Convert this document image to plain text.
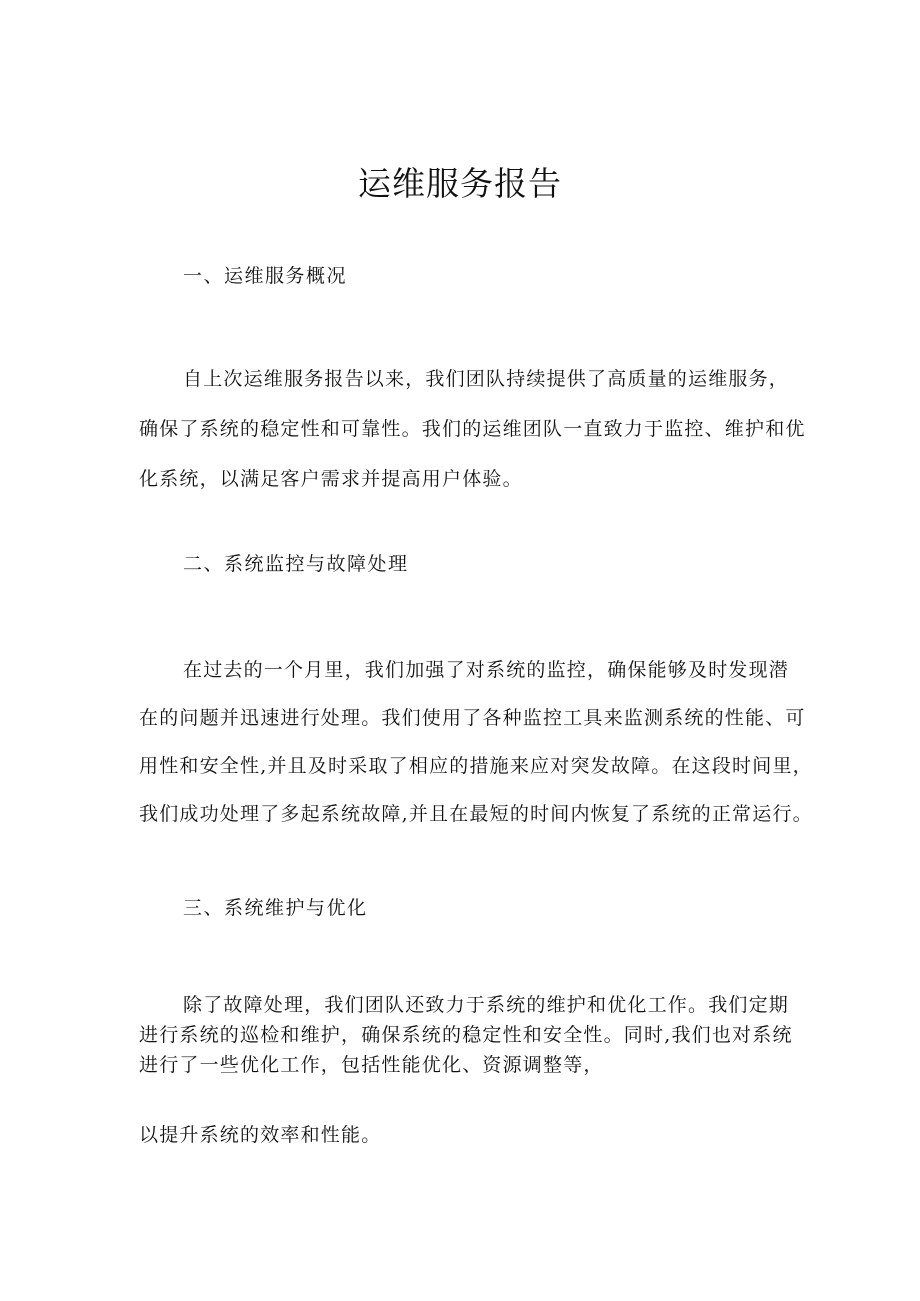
运维服务报告
一、运维服务概况
自上次运维服务报告以来，我们团队持续提供了高质量的运维服务，
确保了系统的稳定性和可靠性。我们的运维团队一直致力于监控、维护和优
化系统，以满足客户需求并提高用户体验。
二、系统监控与故障处理
在过去的一个月里，我们加强了对系统的监控，确保能够及时发现潜
在的问题并迅速进行处理。我们使用了各种监控工具来监测系统的性能、可
用性和安全性,并且及时采取了相应的措施来应对突发故障。在这段时间里，
我们成功处理了多起系统故障,并且在最短的时间内恢复了系统的正常运行。
三、系统维护与优化
除了故障处理，我们团队还致力于系统的维护和优化工作。我们定期
进行系统的巡检和维护，确保系统的稳定性和安全性。同时,我们也对系统
进行了一些优化工作，包括性能优化、资源调整等，
以提升系统的效率和性能。
